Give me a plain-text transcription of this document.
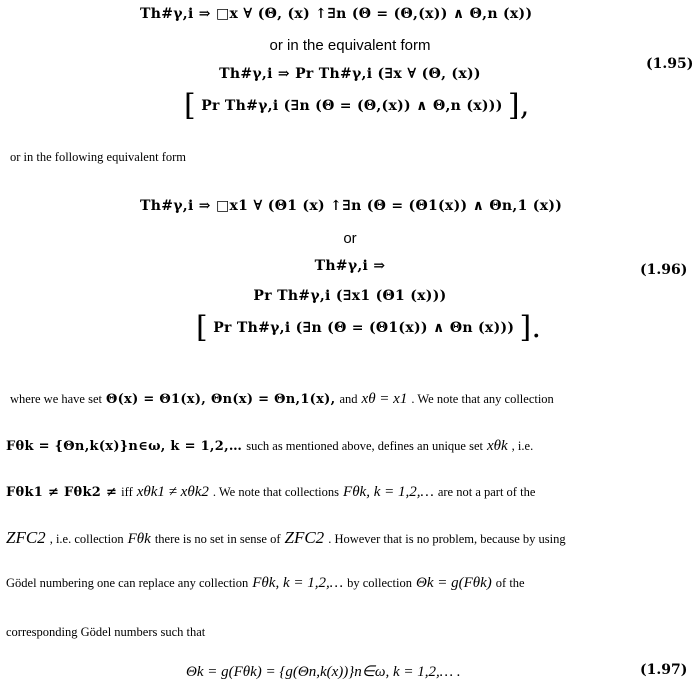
Th#γ,i ⇒ □x ∀ (Θ, (x) ↑∃n (Θ = (Θ,(x)) ∧ Θ,n (x))
or in the equivalent form
Th#γ,i ⇒ Pr Th#γ,i (∃x ∀ (Θ, (x))
[ Pr Th#γ,i (∃n (Θ = (Θ,(x)) ∧ Θ,n (x))) ],
(1.95)
or in the following equivalent form
Th#γ,i ⇒ □x1 ∀ (Θ1 (x) ↑∃n (Θ = (Θ1(x)) ∧ Θn,1 (x))
or
Th#γ,i ⇒
Pr Th#γ,i (∃x1 (Θ1 (x)))
[ Pr Th#γ,i (∃n (Θ = (Θ1(x)) ∧ Θn (x))) ].
(1.96)
where we have set Θ(x) = Θ1(x), Θn(x) = Θn,1(x), and xθ = x1 . We note that any collection
Fθk = {Θn,k(x)}n∈ω, k = 1,2,… such as mentioned above, defines an unique set xθk , i.e.
Fθk1 ≠ Fθk2 ≠ iff xθk1 ≠ xθk2 . We note that collections Fθk, k = 1,2,… are not a part of the
ZFC2 , i.e. collection Fθk there is no set in sense of ZFC2 . However that is no problem, because by using
Gödel numbering one can replace any collection Fθk, k = 1,2,… by collection Θk = g(Fθk) of the
corresponding Gödel numbers such that
Θk = g(Fθk) = {g(Θn,k(x))}n∈ω, k = 1,2,… .	(1.97)
